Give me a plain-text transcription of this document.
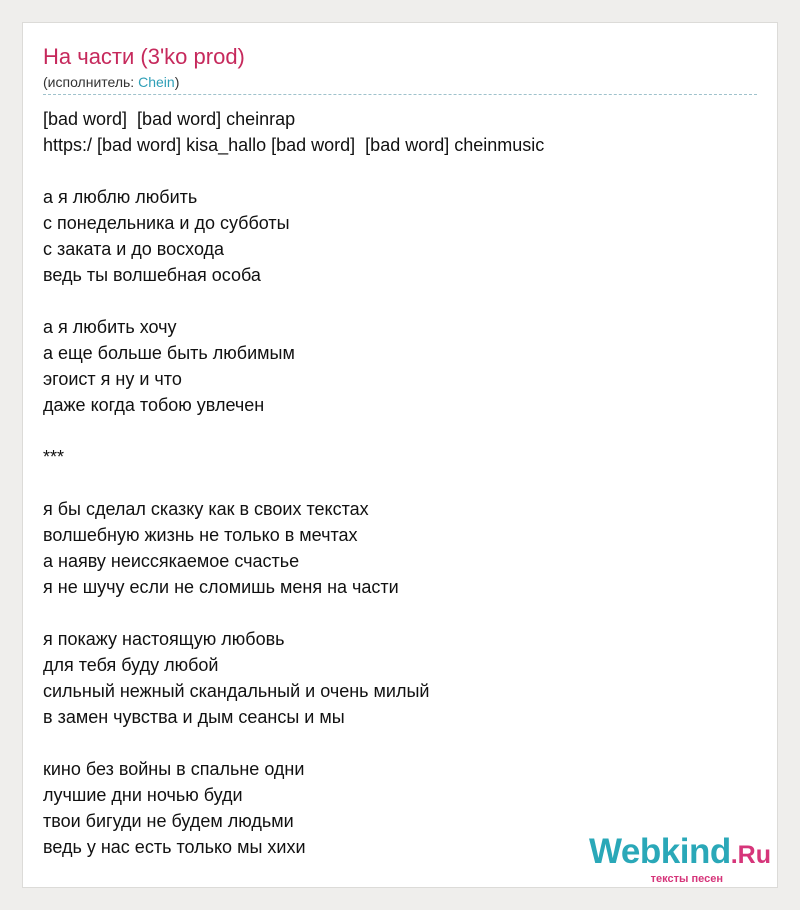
На части (3'ko prod)
(исполнитель: Chein)
[bad word]  [bad word] cheinrap
https:/ [bad word] kisa_hallo [bad word]  [bad word] cheinmusic
а я люблю любить
с понедельника и до субботы
с заката и до восхода
ведь ты волшебная особа
а я любить хочу
а еще больше быть любимым
эгоист я ну и что
даже когда тобою увлечен
***
я бы сделал сказку как в своих текстах
волшебную жизнь не только в мечтах
а наяву неиссякаемое счастье
я не шучу если не сломишь меня на части
я покажу настоящую любовь
для тебя буду любой
сильный нежный скандальный и очень милый
в замен чувства и дым сеансы и мы
кино без войны в спальне одни
лучшие дни ночью буди
твои бигуди не будем людьми
ведь у нас есть только мы хихи	Webkind.Ru
тексты песен
